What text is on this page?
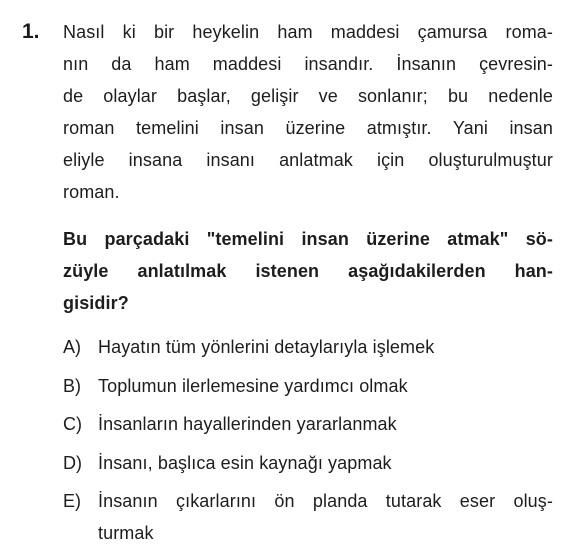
1. Nasıl ki bir heykelin ham maddesi çamursa roma-
nın da ham maddesi insandır. İnsanın çevresin-
de olaylar başlar, gelişir ve sonlanır; bu nedenle
roman temelini insan üzerine atmıştır. Yani insan
eliyle insana insanı anlatmak için oluşturulmuştur
roman.
Bu parçadaki "temelini insan üzerine atmak" sö-
züyle anlatılmak istenen aşağıdakilerden han-
gisidir?
A) Hayatın tüm yönlerini detaylarıyla işlemek
B) Toplumun ilerlemesine yardımcı olmak
C) İnsanların hayallerinden yararlanmak
D) İnsanı, başlıca esin kaynağı yapmak
E) İnsanın çıkarlarını ön planda tutarak eser oluş-
turmak
